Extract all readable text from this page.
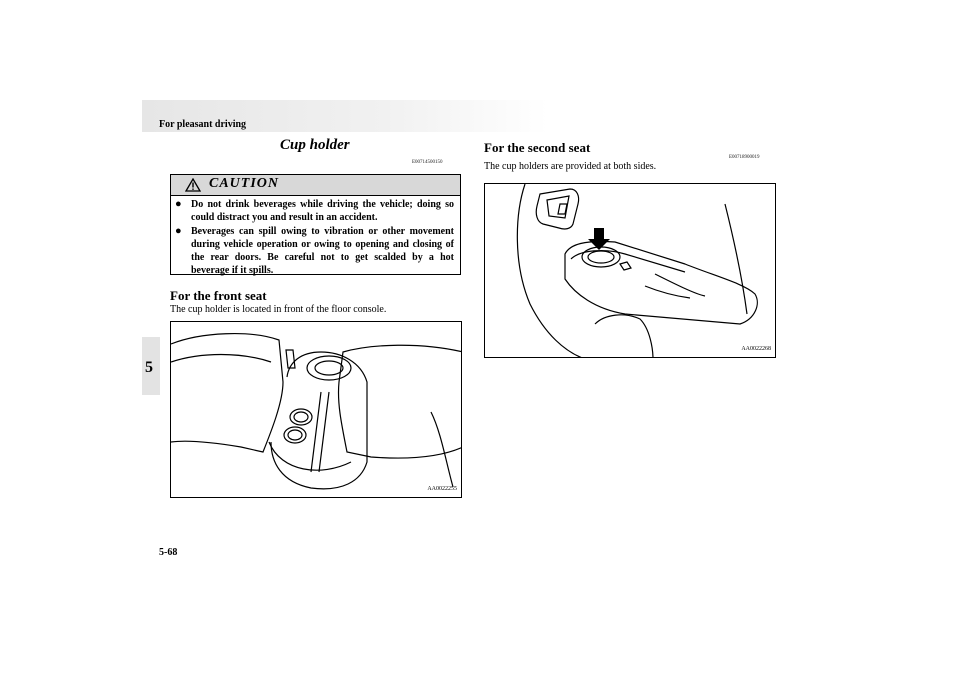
For pleasant driving
5
Cup holder
E00714500150
CAUTION
● Do not drink beverages while driving the vehicle; doing so could distract you and result in an accident.
● Beverages can spill owing to vibration or other movement during vehicle operation or owing to opening and closing of the rear doors. Be careful not to get scalded by a hot beverage if it spills.
For the front seat
The cup holder is located in front of the floor console.
AA0022255
For the second seat
E00718900019
The cup holders are provided at both sides.
AA0022268
5-68
